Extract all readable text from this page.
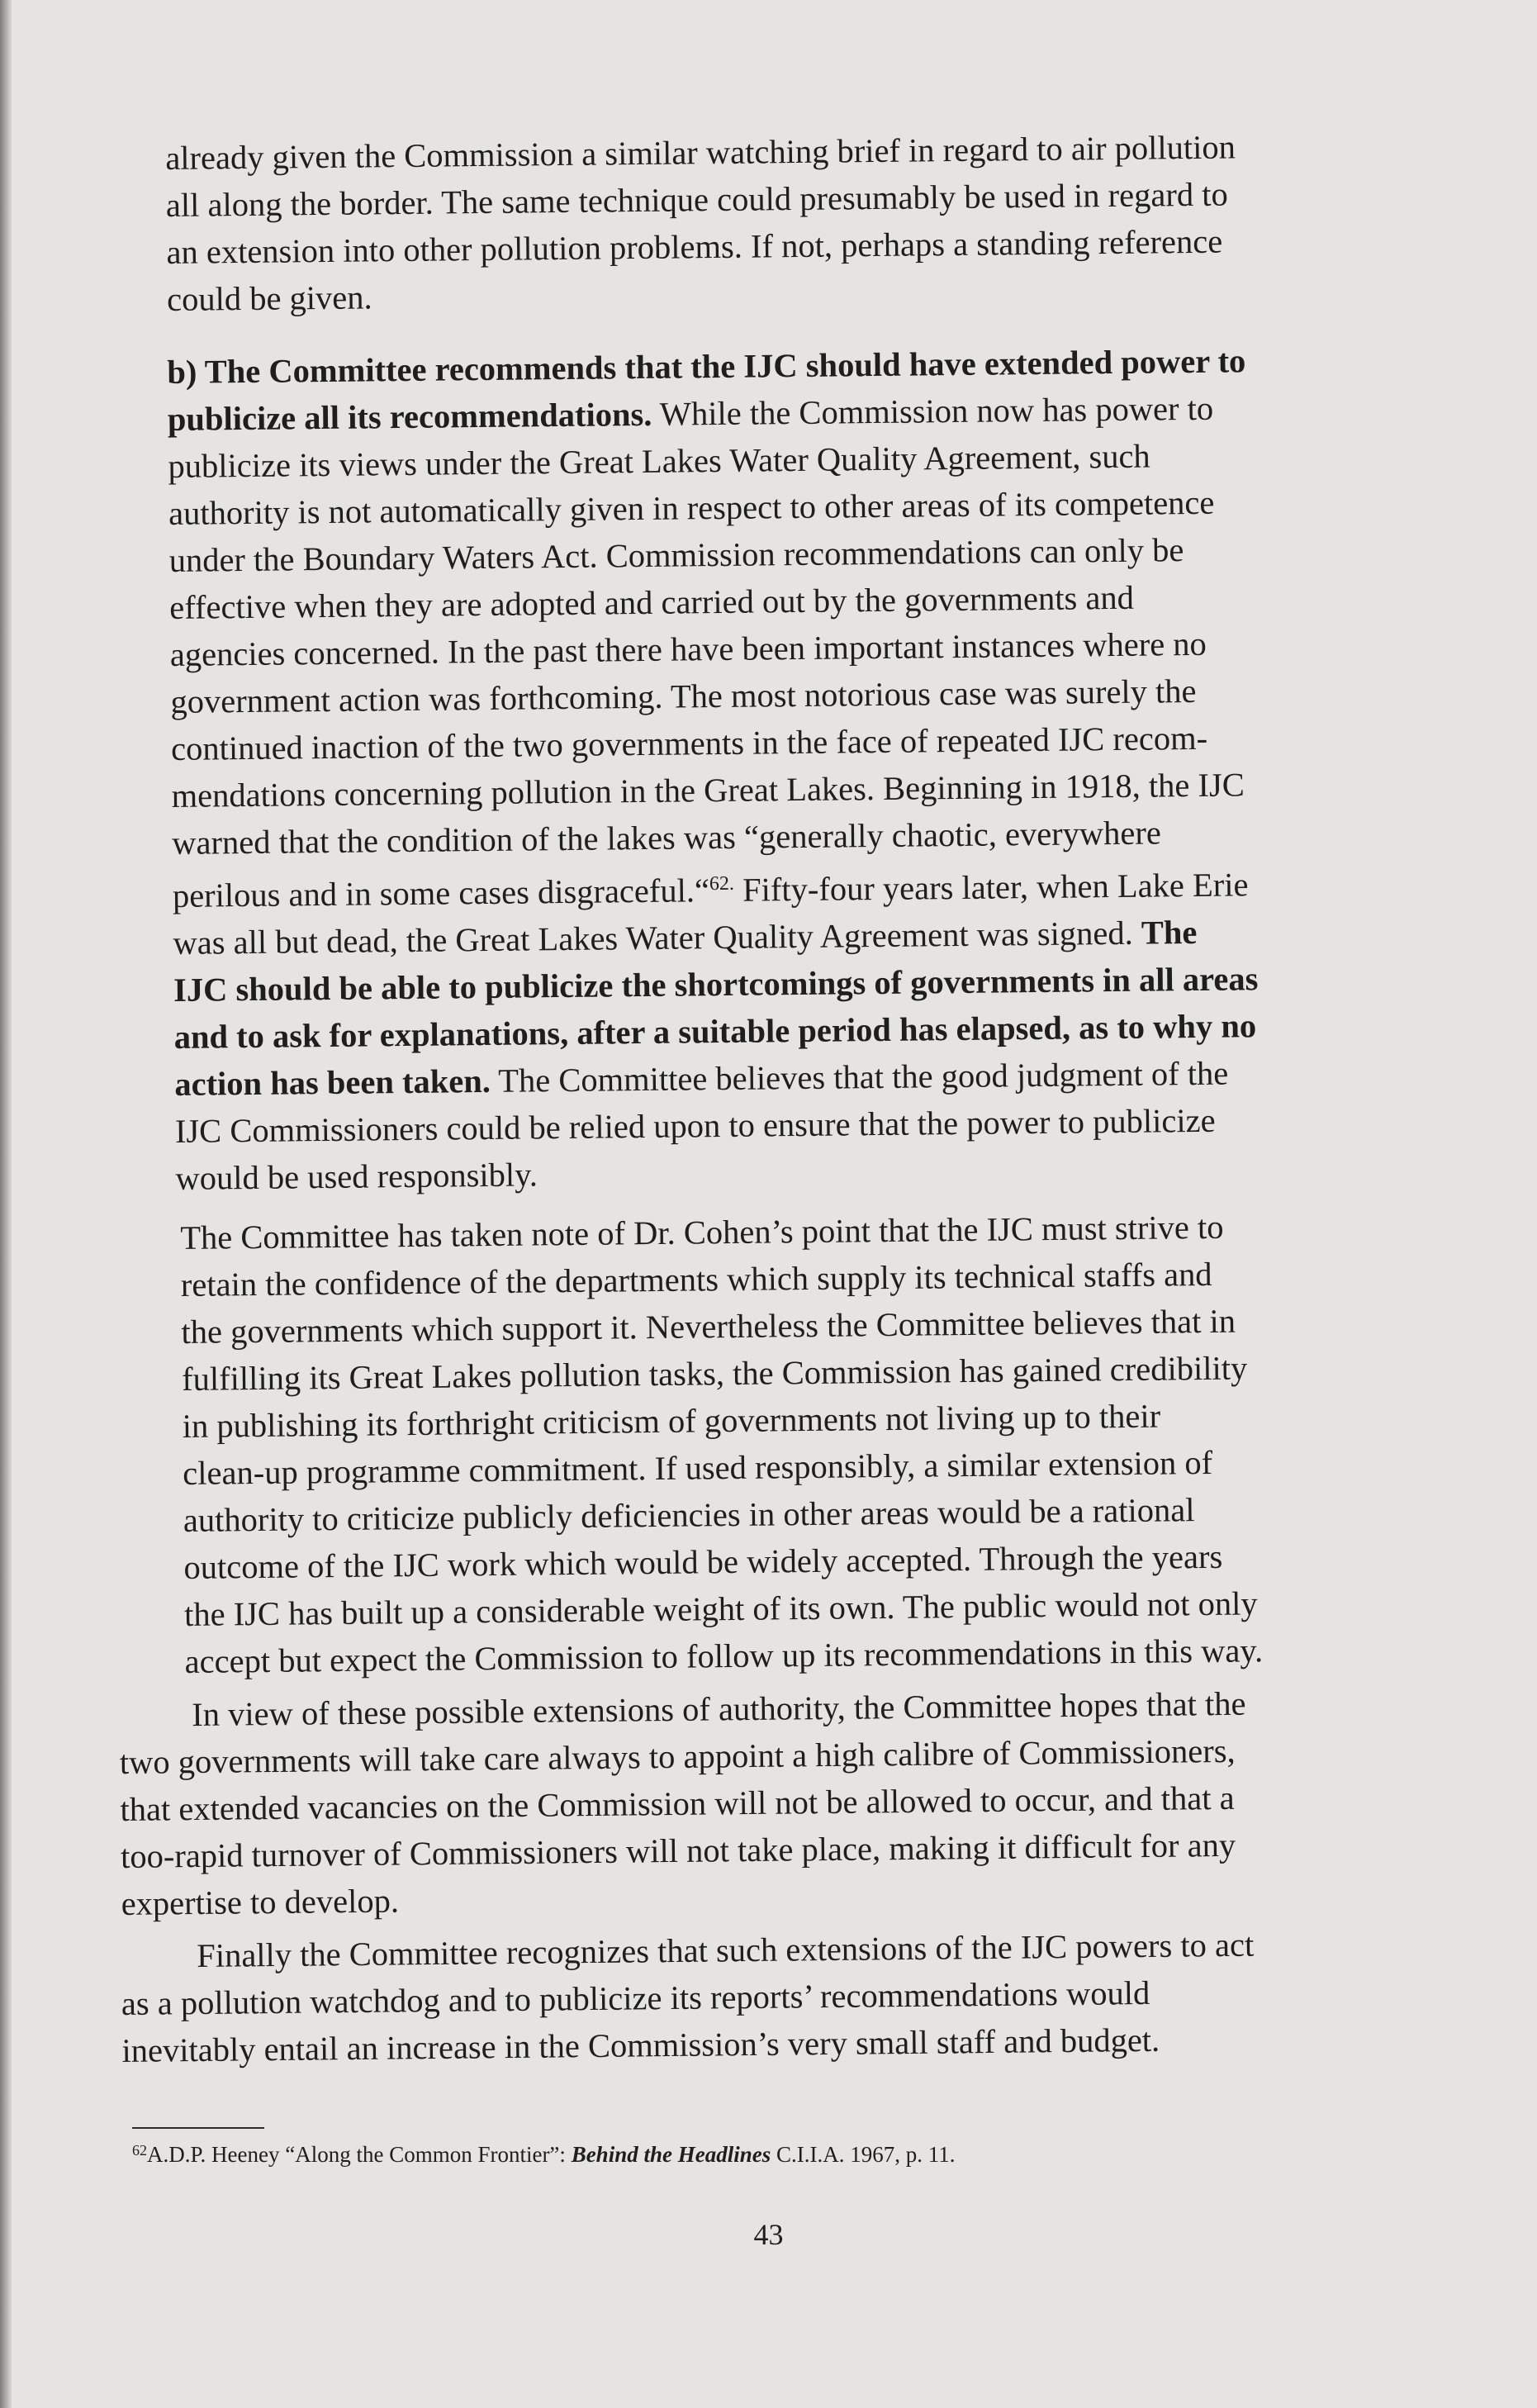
already given the Commission a similar watching brief in regard to air pollution
all along the border. The same technique could presumably be used in regard to
an extension into other pollution problems. If not, perhaps a standing reference
could be given.
b) The Committee recommends that the IJC should have extended power to
publicize all its recommendations. While the Commission now has power to
publicize its views under the Great Lakes Water Quality Agreement, such
authority is not automatically given in respect to other areas of its competence
under the Boundary Waters Act. Commission recommendations can only be
effective when they are adopted and carried out by the governments and
agencies concerned. In the past there have been important instances where no
government action was forthcoming. The most notorious case was surely the
continued inaction of the two governments in the face of repeated IJC recom-
mendations concerning pollution in the Great Lakes. Beginning in 1918, the IJC
warned that the condition of the lakes was “generally chaotic, everywhere
perilous and in some cases disgraceful.“$^{62.}$ Fifty-four years later, when Lake Erie
was all but dead, the Great Lakes Water Quality Agreement was signed. The
IJC should be able to publicize the shortcomings of governments in all areas
and to ask for explanations, after a suitable period has elapsed, as to why no
action has been taken. The Committee believes that the good judgment of the
IJC Commissioners could be relied upon to ensure that the power to publicize
would be used responsibly.
The Committee has taken note of Dr. Cohen’s point that the IJC must strive to
retain the confidence of the departments which supply its technical staffs and
the governments which support it. Nevertheless the Committee believes that in
fulfilling its Great Lakes pollution tasks, the Commission has gained credibility
in publishing its forthright criticism of governments not living up to their
clean-up programme commitment. If used responsibly, a similar extension of
authority to criticize publicly deficiencies in other areas would be a rational
outcome of the IJC work which would be widely accepted. Through the years
the IJC has built up a considerable weight of its own. The public would not only
accept but expect the Commission to follow up its recommendations in this way.
In view of these possible extensions of authority, the Committee hopes that the
two governments will take care always to appoint a high calibre of Commissioners,
that extended vacancies on the Commission will not be allowed to occur, and that a
too-rapid turnover of Commissioners will not take place, making it difficult for any
expertise to develop.
Finally the Committee recognizes that such extensions of the IJC powers to act
as a pollution watchdog and to publicize its reports’ recommendations would
inevitably entail an increase in the Commission’s very small staff and budget.
$^{62}$A.D.P. Heeney “Along the Common Frontier”: Behind the Headlines C.I.I.A. 1967, p. 11.
43
